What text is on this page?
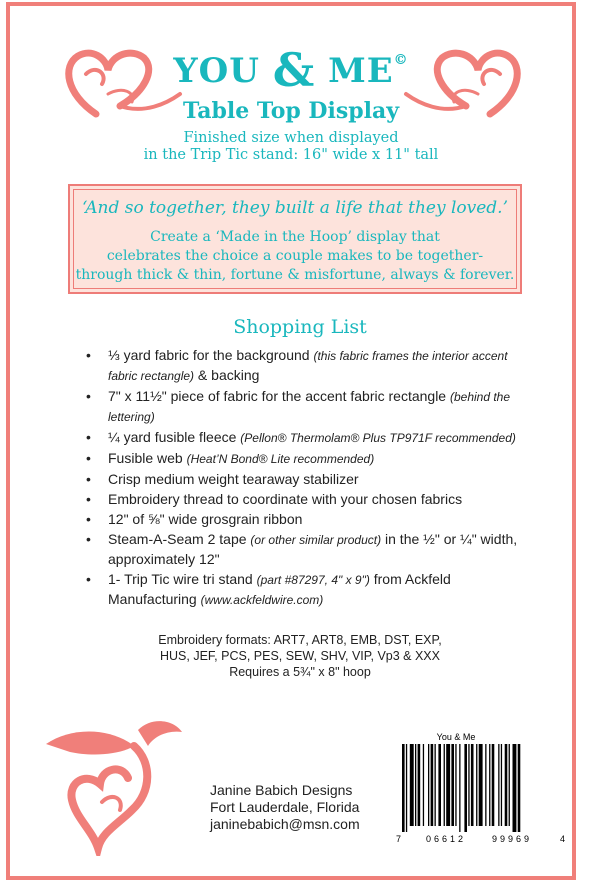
YOU & ME©
Table Top Display
Finished size when displayed
in the Trip Tic stand: 16" wide x 11" tall
‘And so together, they built a life that they loved.’
Create a ‘Made in the Hoop’ display that
celebrates the choice a couple makes to be together-
through thick & thin, fortune & misfortune, always & forever.
Shopping List
• ⅓ yard fabric for the background (this fabric frames the interior accent fabric rectangle) & backing
• 7" x 11½" piece of fabric for the accent fabric rectangle (behind the lettering)
• ¼ yard fusible fleece (Pellon® Thermolam® Plus TP971F recommended)
• Fusible web (Heat’N Bond® Lite recommended)
• Crisp medium weight tearaway stabilizer
• Embroidery thread to coordinate with your chosen fabrics
• 12" of ⅝" wide grosgrain ribbon
• Steam-A-Seam 2 tape (or other similar product) in the ½" or ¼" width, approximately 12"
• 1- Trip Tic wire tri stand (part #87297, 4" x 9") from Ackfeld Manufacturing (www.ackfeldwire.com)
Embroidery formats: ART7, ART8, EMB, DST, EXP,
HUS, JEF, PCS, PES, SEW, SHV, VIP, Vp3 & XXX
Requires a 5¾" x 8" hoop
Janine Babich Designs
Fort Lauderdale, Florida
janinebabich@msn.com
You & Me
7	06612	99969	4
